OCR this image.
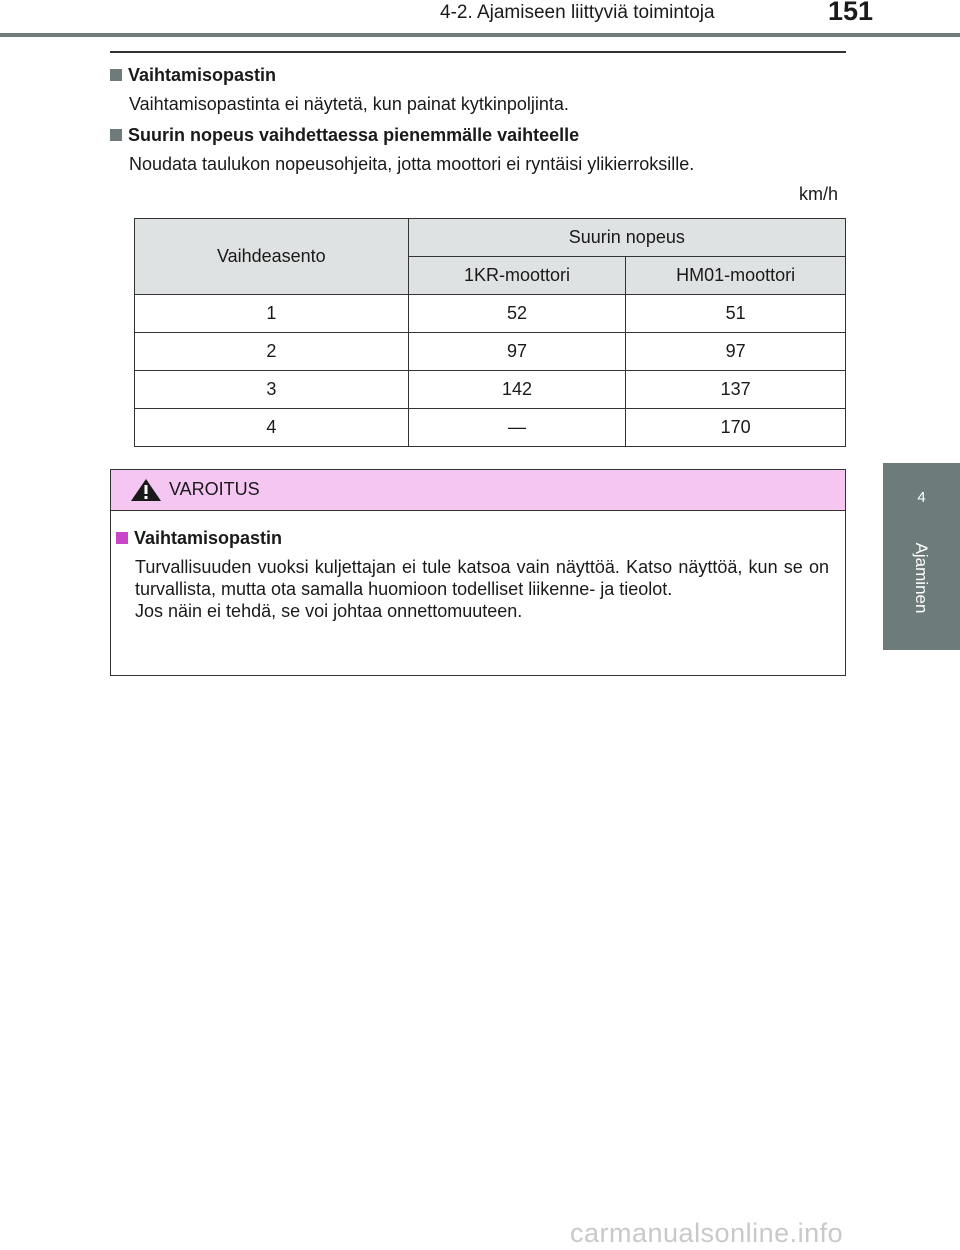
4-2. Ajamiseen liittyviä toimintoja	151
4
Ajaminen
Vaihtamisopastin
Vaihtamisopastinta ei näytetä, kun painat kytkinpoljinta.
Suurin nopeus vaihdettaessa pienemmälle vaihteelle
Noudata taulukon nopeusohjeita, jotta moottori ei ryntäisi ylikierroksille.
km/h
Vaihdeasento	Suurin nopeus	
	1KR-moottori	HM01-moottori
1	52	51
2	97	97
3	142	137
4	—	170
VAROITUS
Vaihtamisopastin

Turvallisuuden vuoksi kuljettajan ei tule katsoa vain näyttöä. Katso näyttöä, kun se on turvallista, mutta ota samalla huomioon todelliset liikenne- ja tieolot.

Jos näin ei tehdä, se voi johtaa onnettomuuteen.

carmanualsonline.info
